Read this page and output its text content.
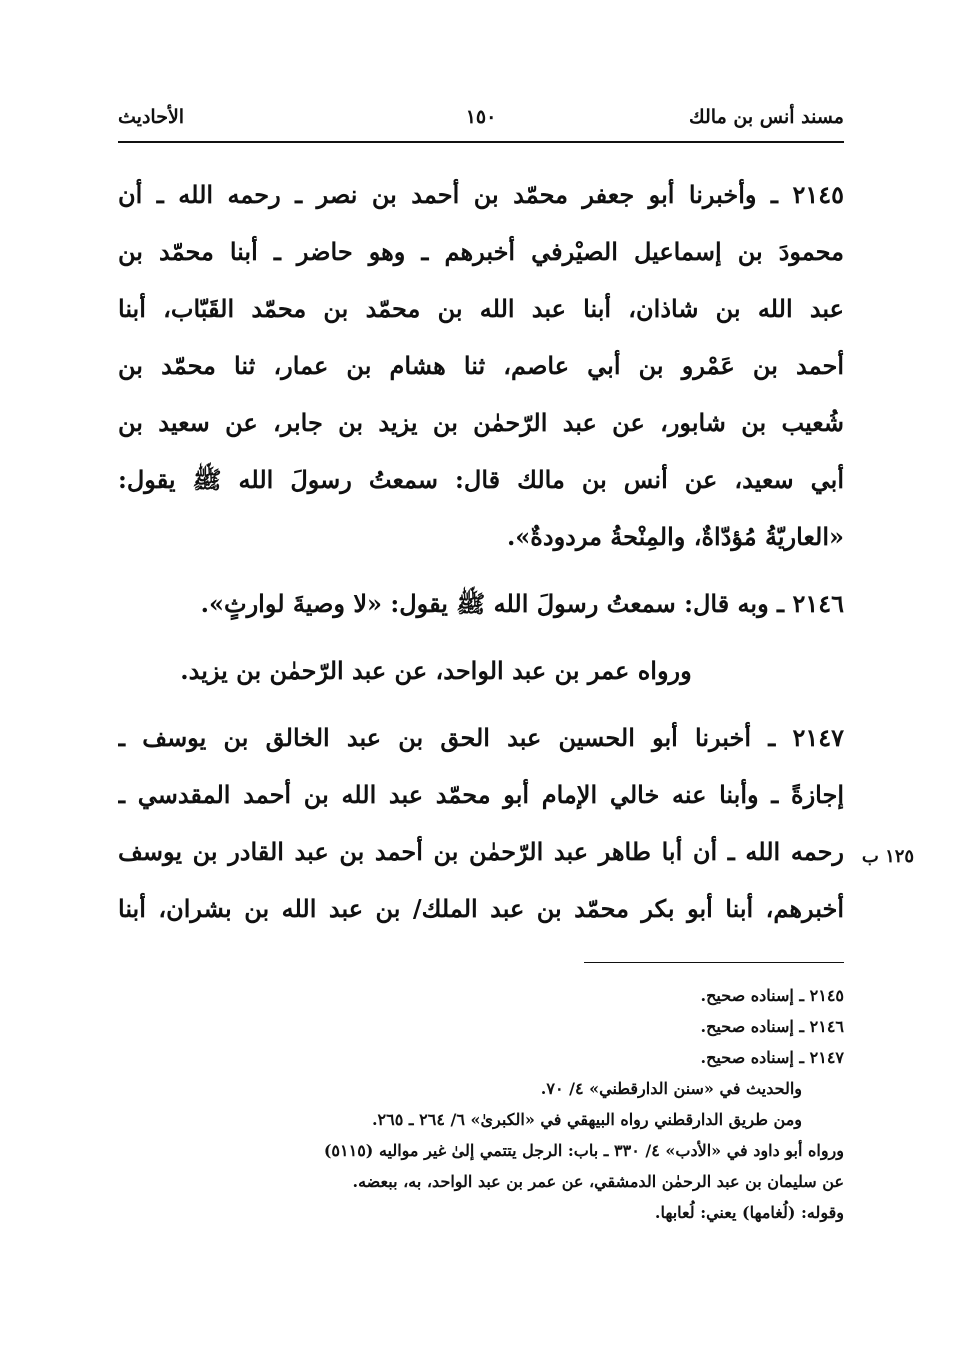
مسند أنس بن مالك
١٥٠
الأحاديث
٢١٤٥ ـ وأخبرنا أبو جعفر محمّد بن أحمد بن نصر ـ رحمه الله ـ أن
محمودَ بن إسماعيل الصيْرفي أخبرهم ـ وهو حاضر ـ أبنا محمّد بن
عبد الله بن شاذان، أبنا عبد الله بن محمّد بن محمّد القَبّاب، أبنا
أحمد بن عَمْرو بن أبي عاصم، ثنا هشام بن عمار، ثنا محمّد بن
شُعيب بن شابور، عن عبد الرّحمٰن بن يزيد بن جابر، عن سعيد بن
أبي سعيد، عن أنس بن مالك قال: سمعتُ رسولَ الله ﷺ يقول:
«العاريّةُ مُؤدّاةٌ، والمِنْحةُ مردودةٌ».
٢١٤٦ ـ وبه قال: سمعتُ رسولَ الله ﷺ يقول: «لا وصيةَ لوارثٍ».
ورواه عمر بن عبد الواحد، عن عبد الرّحمٰن بن يزيد.
٢١٤٧ ـ أخبرنا أبو الحسين عبد الحق بن عبد الخالق بن يوسف ـ
إجازةً ـ وأبنا عنه خالي الإمام أبو محمّد عبد الله بن أحمد المقدسي ـ
رحمه الله ـ أن أبا طاهر عبد الرّحمٰن بن أحمد بن عبد القادر بن يوسف
أخبرهم، أبنا أبو بكر محمّد بن عبد الملك/ بن عبد الله بن بشران، أبنا
١٢٥ ب
٢١٤٥ ـ إسناده صحيح.
٢١٤٦ ـ إسناده صحيح.
٢١٤٧ ـ إسناده صحيح.
والحديث في «سنن الدارقطني» ٤/ ٧٠.
ومن طريق الدارقطني رواه البيهقي في «الكبرىٰ» ٦/ ٢٦٤ ـ ٢٦٥.
ورواه أبو داود في «الأدب» ٤/ ٣٣٠ ـ باب: الرجل يتتمي إلىٰ غير مواليه (٥١١٥)
عن سليمان بن عبد الرحمٰن الدمشقي، عن عمر بن عبد الواحد، به، ببعضه.
وقوله: (لُغامها) يعني: لُعابها.
